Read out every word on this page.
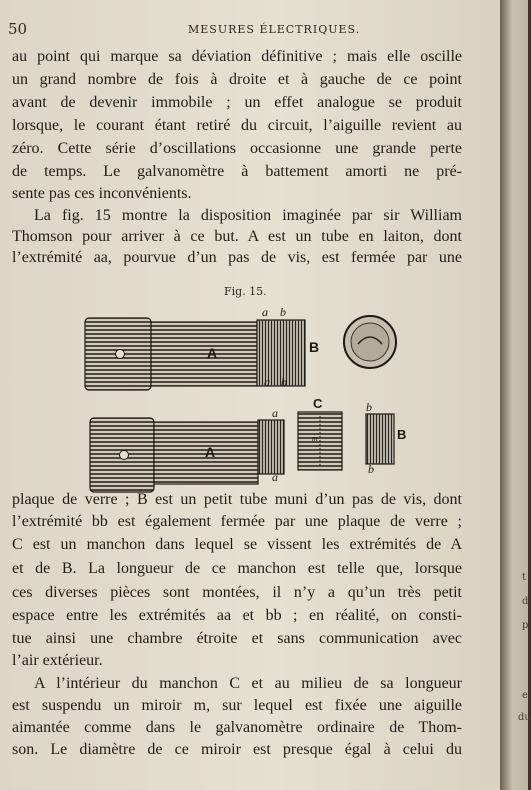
50	MESURES ÉLECTRIQUES.
au point qui marque sa déviation définitive ; mais elle oscille
un grand nombre de fois à droite et à gauche de ce point
avant de devenir immobile ; un effet analogue se produit
lorsque, le courant étant retiré du circuit, l’aiguille revient au
zéro. Cette série d’oscillations occasionne une grande perte
de temps. Le galvanomètre à battement amorti ne pré-
sente pas ces inconvénients.
La fig. 15 montre la disposition imaginée par sir William
Thomson pour arriver à ce but. A est un tube en laiton, dont
l’extrémité aa, pourvue d’un pas de vis, est fermée par une
Fig. 15.
a b
a b
A	B
A
a
a
C
m
b
b
B
plaque de verre ; B est un petit tube muni d’un pas de vis, dont
l’extrémité bb est également fermée par une plaque de verre ;
C est un manchon dans lequel se vissent les extrémités de A
et de B. La longueur de ce manchon est telle que, lorsque
ces diverses pièces sont montées, il n’y a qu’un très petit
espace entre les extrémités aa et bb ; en réalité, on consti-
tue ainsi une chambre étroite et sans communication avec
l’air extérieur.
A l’intérieur du manchon C et au milieu de sa longueur
est suspendu un miroir m, sur lequel est fixée une aiguille
aimantée comme dans le galvanomètre ordinaire de Thom-
son. Le diamètre de ce miroir est presque égal à celui du
t
d
p
e
du
